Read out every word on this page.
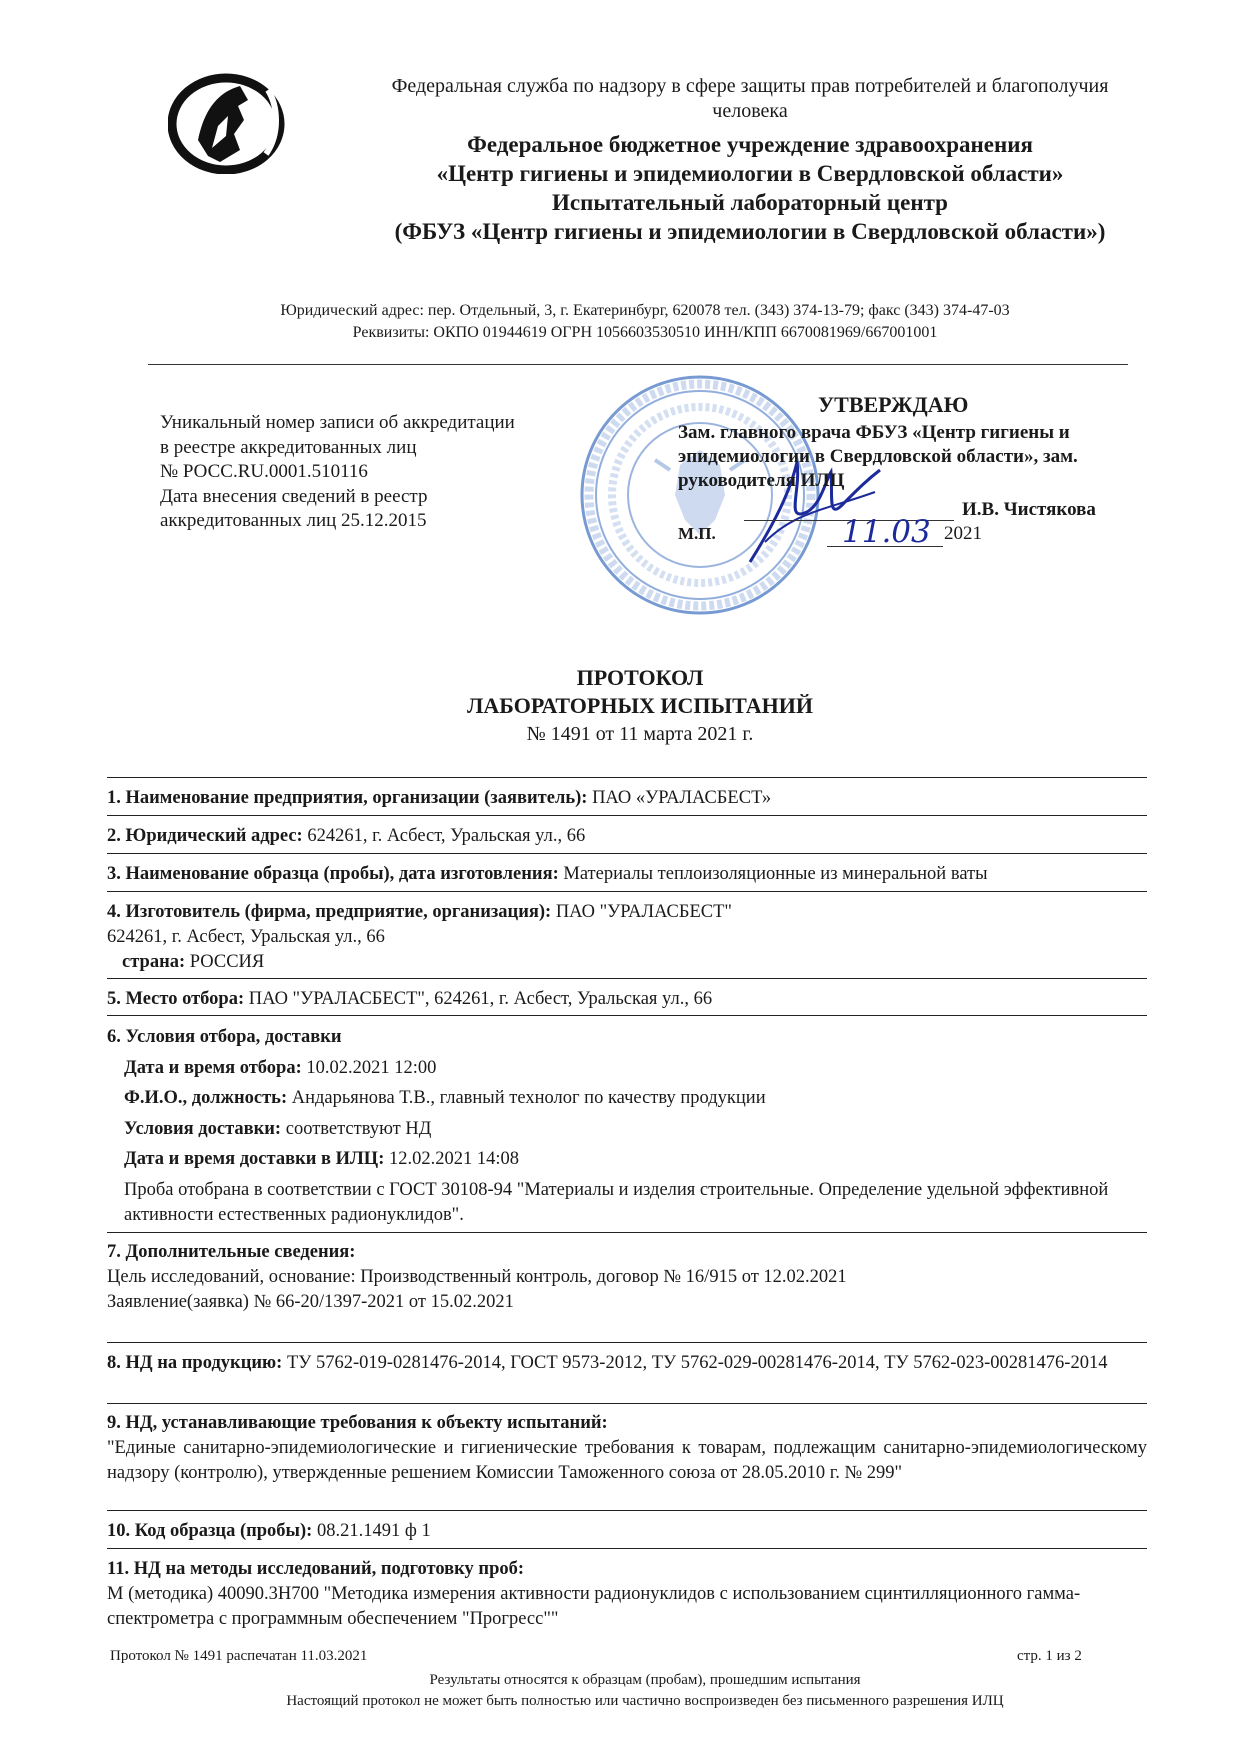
Федеральная служба по надзору в сфере защиты прав потребителей и благополучия человека
Федеральное бюджетное учреждение здравоохранения
«Центр гигиены и эпидемиологии в Свердловской области»
Испытательный лабораторный центр
(ФБУЗ «Центр гигиены и эпидемиологии в Свердловской области»)
Юридический адрес: пер. Отдельный, 3, г. Екатеринбург, 620078 тел. (343) 374-13-79; факс (343) 374-47-03
Реквизиты: ОКПО 01944619 ОГРН 1056603530510 ИНН/КПП 6670081969/667001001
Уникальный номер записи об аккредитации
в реестре аккредитованных лиц
№ РОСС.RU.0001.510116
Дата внесения сведений в реестр
аккредитованных лиц 25.12.2015
УТВЕРЖДАЮ
Зам. главного врача ФБУЗ «Центр гигиены и эпидемиологии в Свердловской области», зам. руководителя ИЛЦ
И.В. Чистякова
М.П.	11.03 2021
ПРОТОКОЛ
ЛАБОРАТОРНЫХ ИСПЫТАНИЙ
№ 1491 от 11 марта 2021 г.
1. Наименование предприятия, организации (заявитель): ПАО «УРАЛАСБЕСТ»
2. Юридический адрес: 624261, г. Асбест, Уральская ул., 66
3. Наименование образца (пробы), дата изготовления: Материалы теплоизоляционные из минеральной ваты
4. Изготовитель (фирма, предприятие, организация): ПАО "УРАЛАСБЕСТ"
624261, г. Асбест, Уральская ул., 66
страна: РОССИЯ
5. Место отбора: ПАО "УРАЛАСБЕСТ", 624261, г. Асбест, Уральская ул., 66
6. Условия отбора, доставки
Дата и время отбора: 10.02.2021 12:00
Ф.И.О., должность: Андарьянова Т.В., главный технолог по качеству продукции
Условия доставки: соответствуют НД
Дата и время доставки в ИЛЦ: 12.02.2021 14:08
Проба отобрана в соответствии с ГОСТ 30108-94 "Материалы и изделия строительные. Определение удельной эффективной активности естественных радионуклидов".
7. Дополнительные сведения:
Цель исследований, основание: Производственный контроль, договор № 16/915 от 12.02.2021
Заявление(заявка) № 66-20/1397-2021 от 15.02.2021
8. НД на продукцию: ТУ 5762-019-0281476-2014, ГОСТ 9573-2012, ТУ 5762-029-00281476-2014, ТУ 5762-023-00281476-2014
9. НД, устанавливающие требования к объекту испытаний:
"Единые санитарно-эпидемиологические и гигиенические требования к товарам, подлежащим санитарно-эпидемиологическому надзору (контролю), утвержденные решением Комиссии Таможенного союза от 28.05.2010 г. № 299"
10. Код образца (пробы): 08.21.1491 ф 1
11. НД на методы исследований, подготовку проб:
М (методика) 40090.3Н700 "Методика измерения активности радионуклидов с использованием сцинтилляционного гамма-спектрометра с программным обеспечением "Прогресс""
Протокол № 1491 распечатан 11.03.2021	стр. 1 из 2
Результаты относятся к образцам (пробам), прошедшим испытания
Настоящий протокол не может быть полностью или частично воспроизведен без письменного разрешения ИЛЦ
